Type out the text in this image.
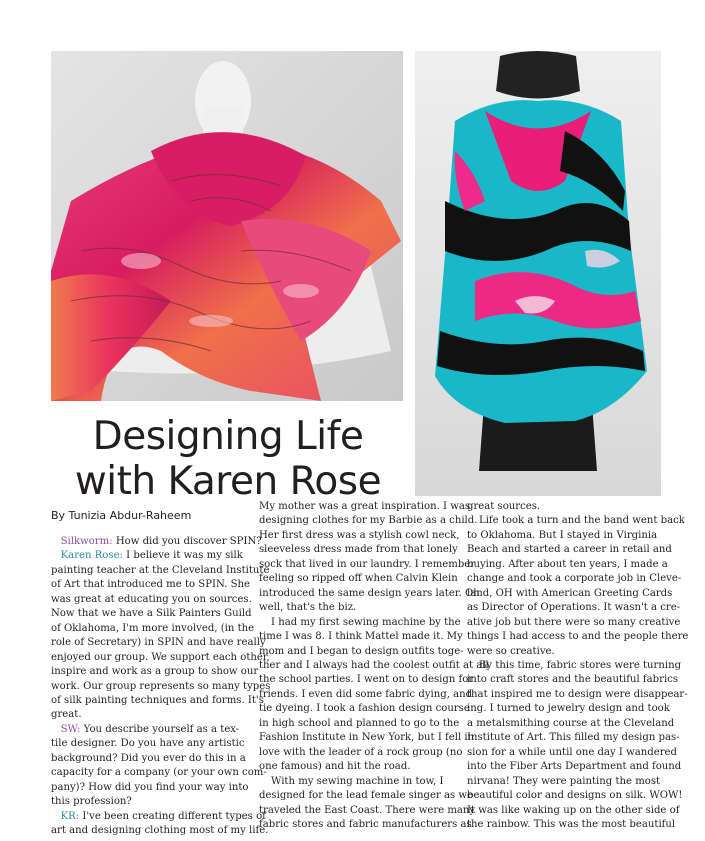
Designing Life
with Karen Rose
By Tunizia Abdur-Raheem
Silkworm: How did you discover SPIN?
Karen Rose: I believe it was my silk
painting teacher at the Cleveland Institute
of Art that introduced me to SPIN. She
was great at educating you on sources.
Now that we have a Silk Painters Guild
of Oklahoma, I'm more involved, (in the
role of Secretary) in SPIN and have really
enjoyed our group. We support each other,
inspire and work as a group to show our
work. Our group represents so many types
of silk painting techniques and forms. It's
great.
SW: You describe yourself as a tex-
tile designer. Do you have any artistic
background? Did you ever do this in a
capacity for a company (or your own com-
pany)? How did you find your way into
this profession?
KR: I've been creating different types of
art and designing clothing most of my life.
My mother was a great inspiration. I was
designing clothes for my Barbie as a child.
Her first dress was a stylish cowl neck,
sleeveless dress made from that lonely
sock that lived in our laundry. I remember
feeling so ripped off when Calvin Klein
introduced the same design years later. Oh
well, that's the biz.
I had my first sewing machine by the
time I was 8. I think Mattel made it. My
mom and I began to design outfits toge-
ther and I always had the coolest outfit at all
the school parties. I went on to design for
friends. I even did some fabric dying, and
tie dyeing. I took a fashion design course
in high school and planned to go to the
Fashion Institute in New York, but I fell in
love with the leader of a rock group (no
one famous) and hit the road.
With my sewing machine in tow, I
designed for the lead female singer as we
traveled the East Coast. There were many
fabric stores and fabric manufacturers as
great sources.
Life took a turn and the band went back
to Oklahoma. But I stayed in Virginia
Beach and started a career in retail and
buying. After about ten years, I made a
change and took a corporate job in Cleve-
land, OH with American Greeting Cards
as Director of Operations. It wasn't a cre-
ative job but there were so many creative
things I had access to and the people there
were so creative.
By this time, fabric stores were turning
into craft stores and the beautiful fabrics
that inspired me to design were disappear-
ing. I turned to jewelry design and took
a metalsmithing course at the Cleveland
Institute of Art. This filled my design pas-
sion for a while until one day I wandered
into the Fiber Arts Department and found
nirvana! They were painting the most
beautiful color and designs on silk. WOW!
It was like waking up on the other side of
the rainbow. This was the most beautiful
